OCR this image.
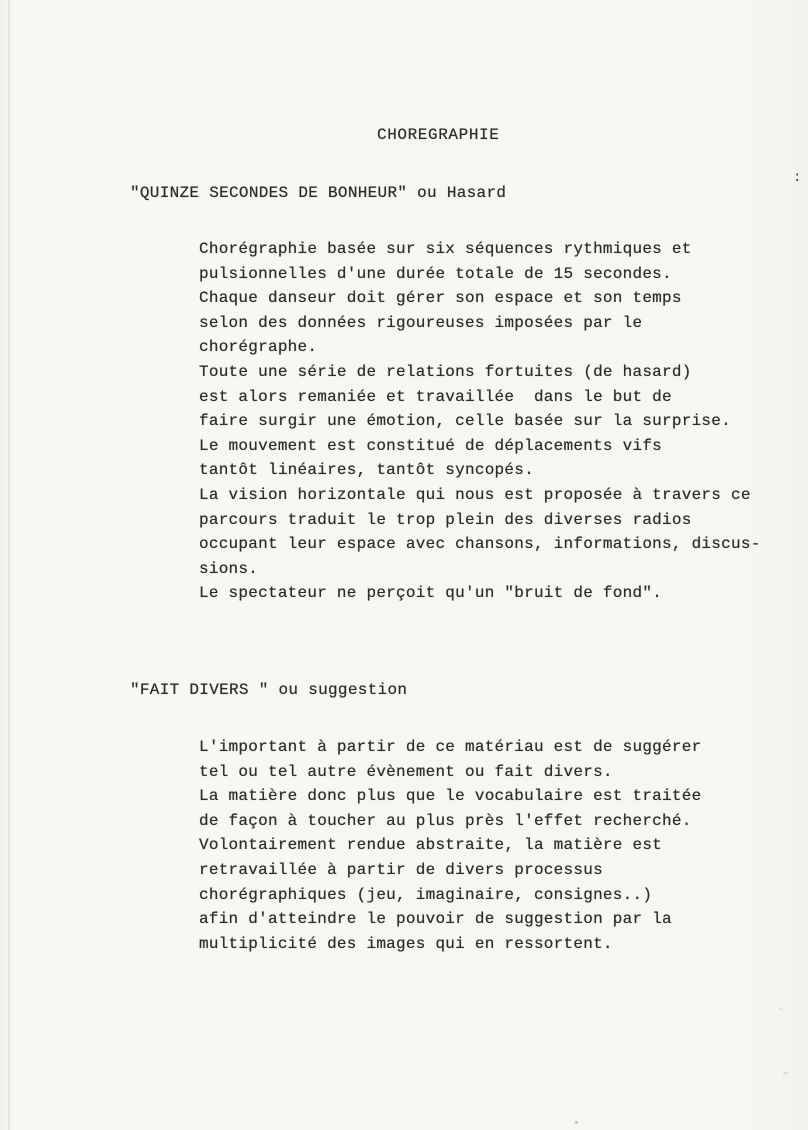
CHOREGRAPHIE
:
"QUINZE SECONDES DE BONHEUR" ou Hasard
Chorégraphie basée sur six séquences rythmiques et
pulsionnelles d'une durée totale de 15 secondes.
Chaque danseur doit gérer son espace et son temps
selon des données rigoureuses imposées par le
chorégraphe.
Toute une série de relations fortuites (de hasard)
est alors remaniée et travaillée  dans le but de
faire surgir une émotion, celle basée sur la surprise.
Le mouvement est constitué de déplacements vifs
tantôt linéaires, tantôt syncopés.
La vision horizontale qui nous est proposée à travers ce
parcours traduit le trop plein des diverses radios
occupant leur espace avec chansons, informations, discus-
sions.
Le spectateur ne perçoit qu'un "bruit de fond".
"FAIT DIVERS " ou suggestion
L'important à partir de ce matériau est de suggérer
tel ou tel autre évènement ou fait divers.
La matière donc plus que le vocabulaire est traitée
de façon à toucher au plus près l'effet recherché.
Volontairement rendue abstraite, la matière est
retravaillée à partir de divers processus
chorégraphiques (jeu, imaginaire, consignes..)
afin d'atteindre le pouvoir de suggestion par la
multiplicité des images qui en ressortent.
